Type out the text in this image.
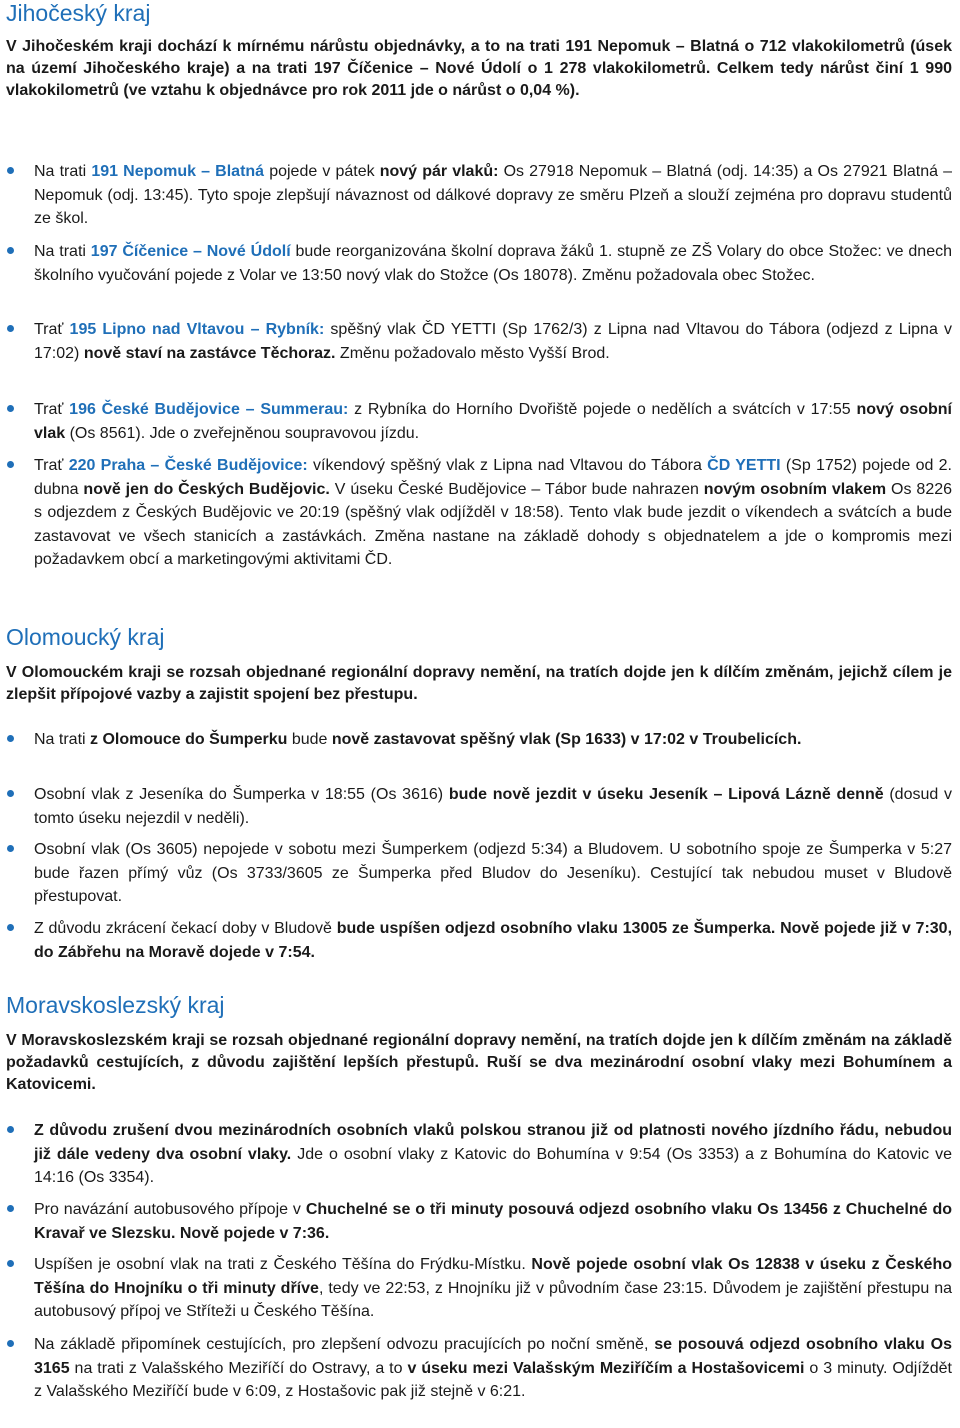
Jihočeský kraj

V Jihočeském kraji dochází k mírnému nárůstu objednávky, a to na trati 191 Nepomuk – Blatná o 712 vlakokilometrů (úsek na území Jihočeského kraje) a na trati 197 Číčenice – Nové Údolí o 1 278 vlakokilometrů. Celkem tedy nárůst činí 1 990 vlakokilometrů (ve vztahu k objednávce pro rok 2011 jde o nárůst o 0,04 %).

Na trati 191 Nepomuk – Blatná pojede v pátek nový pár vlaků: Os 27918 Nepomuk – Blatná (odj. 14:35) a Os 27921 Blatná – Nepomuk (odj. 13:45). Tyto spoje zlepšují návaznost od dálkové dopravy ze směru Plzeň a slouží zejména pro dopravu studentů ze škol.
Na trati 197 Číčenice – Nové Údolí bude reorganizována školní doprava žáků 1. stupně ze ZŠ Volary do obce Stožec: ve dnech školního vyučování pojede z Volar ve 13:50 nový vlak do Stožce (Os 18078). Změnu požadovala obec Stožec.
Trať 195 Lipno nad Vltavou – Rybník: spěšný vlak ČD YETTI (Sp 1762/3) z Lipna nad Vltavou do Tábora (odjezd z Lipna v 17:02) nově staví na zastávce Těchoraz. Změnu požadovalo město Vyšší Brod.
Trať 196 České Budějovice – Summerau: z Rybníka do Horního Dvořiště pojede o nedělích a svátcích v 17:55 nový osobní vlak (Os 8561). Jde o zveřejněnou soupravovou jízdu.
Trať 220 Praha – České Budějovice: víkendový spěšný vlak z Lipna nad Vltavou do Tábora ČD YETTI (Sp 1752) pojede od 2. dubna nově jen do Českých Budějovic. V úseku České Budějovice – Tábor bude nahrazen novým osobním vlakem Os 8226 s odjezdem z Českých Budějovic ve 20:19 (spěšný vlak odjížděl v 18:58). Tento vlak bude jezdit o víkendech a svátcích a bude zastavovat ve všech stanicích a zastávkách. Změna nastane na základě dohody s objednatelem a jde o kompromis mezi požadavkem obcí a marketingovými aktivitami ČD.
Olomoucký kraj

V Olomouckém kraji se rozsah objednané regionální dopravy nemění, na tratích dojde jen k dílčím změnám, jejichž cílem je zlepšit přípojové vazby a zajistit spojení bez přestupu.

Na trati z Olomouce do Šumperku bude nově zastavovat spěšný vlak (Sp 1633) v 17:02 v Troubelicích.
Osobní vlak z Jeseníka do Šumperka v 18:55 (Os 3616) bude nově jezdit v úseku Jeseník – Lipová Lázně denně (dosud v tomto úseku nejezdil v neděli).
Osobní vlak (Os 3605) nepojede v sobotu mezi Šumperkem (odjezd 5:34) a Bludovem. U sobotního spoje ze Šumperka v 5:27 bude řazen přímý vůz (Os 3733/3605 ze Šumperka před Bludov do Jeseníku). Cestující tak nebudou muset v Bludově přestupovat.
Z důvodu zkrácení čekací doby v Bludově bude uspíšen odjezd osobního vlaku 13005 ze Šumperka. Nově pojede již v 7:30, do Zábřehu na Moravě dojede v 7:54.
Moravskoslezský kraj

V Moravskoslezském kraji se rozsah objednané regionální dopravy nemění, na tratích dojde jen k dílčím změnám na základě požadavků cestujících, z důvodu zajištění lepších přestupů. Ruší se dva mezinárodní osobní vlaky mezi Bohumínem a Katovicemi.

Z důvodu zrušení dvou mezinárodních osobních vlaků polskou stranou již od platnosti nového jízdního řádu, nebudou již dále vedeny dva osobní vlaky. Jde o osobní vlaky z Katovic do Bohumína v 9:54 (Os 3353) a z Bohumína do Katovic ve 14:16 (Os 3354).
Pro navázání autobusového přípoje v Chuchelné se o tři minuty posouvá odjezd osobního vlaku Os 13456 z Chuchelné do Kravař ve Slezsku. Nově pojede v 7:36.
Uspíšen je osobní vlak na trati z Českého Těšína do Frýdku-Místku. Nově pojede osobní vlak Os 12838 v úseku z Českého Těšína do Hnojníku o tři minuty dříve, tedy ve 22:53, z Hnojníku již v původním čase 23:15. Důvodem je zajištění přestupu na autobusový přípoj ve Stříteži u Českého Těšína.
Na základě připomínek cestujících, pro zlepšení odvozu pracujících po noční směně, se posouvá odjezd osobního vlaku Os 3165 na trati z Valašského Meziříčí do Ostravy, a to v úseku mezi Valašským Meziříčím a Hostašovicemi o 3 minuty. Odjíždět z Valašského Meziříčí bude v 6:09, z Hostašovic pak již stejně v 6:21.
